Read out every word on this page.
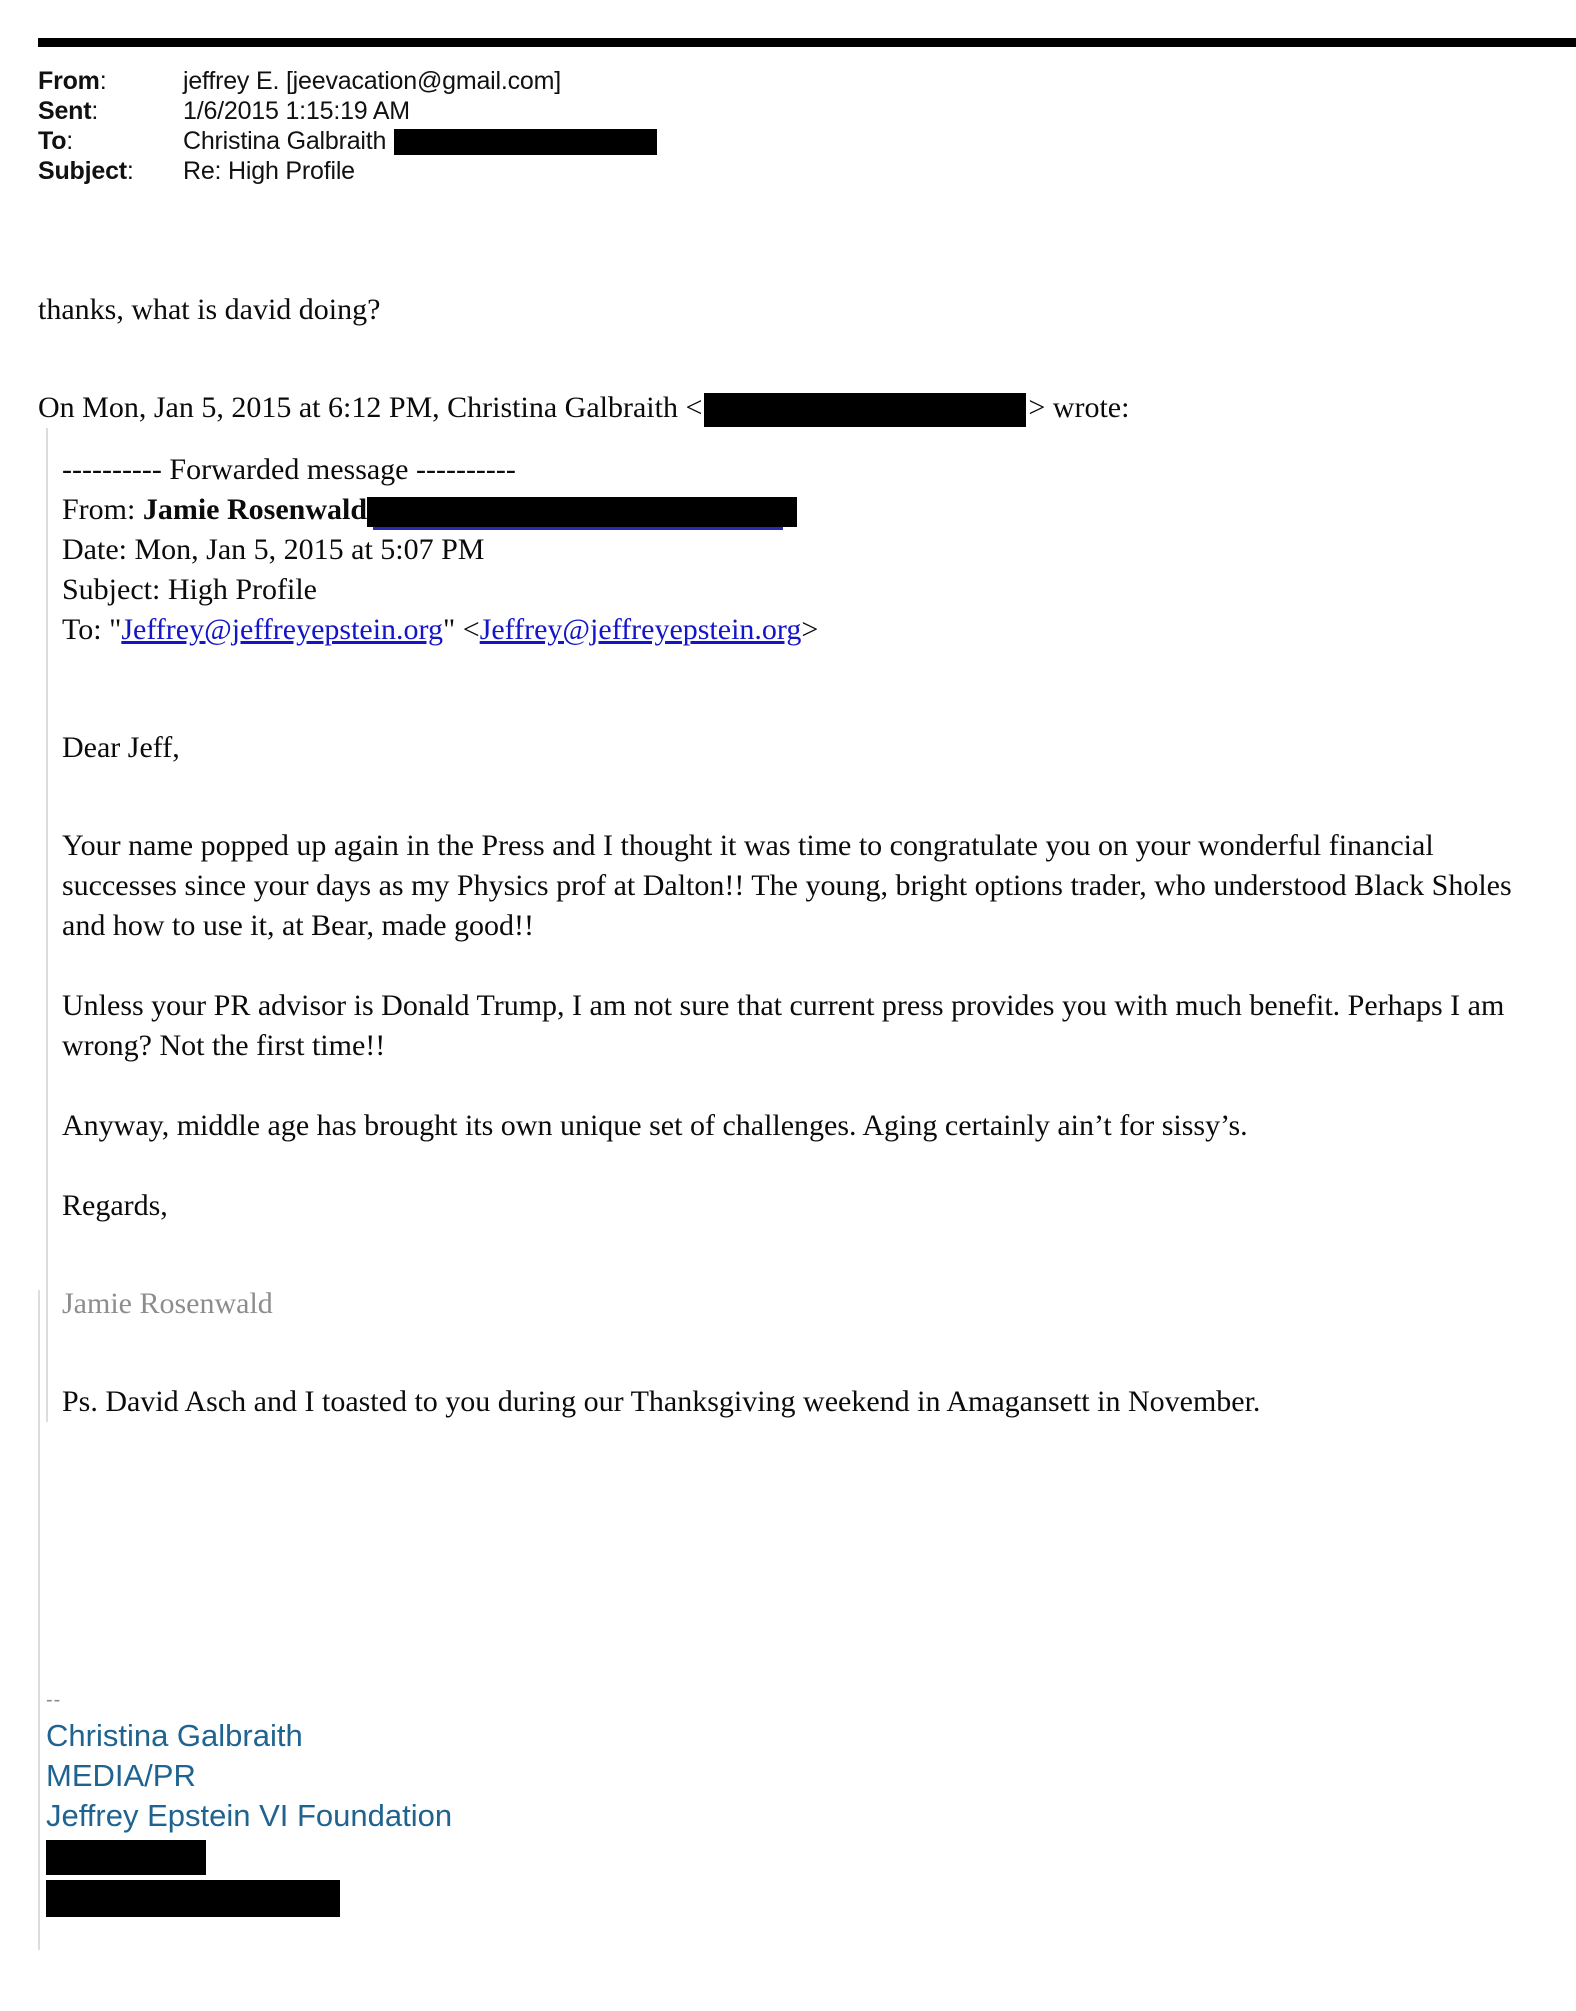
From:	jeffrey E. [jeevacation@gmail.com]
Sent:	1/6/2015 1:15:19 AM
To:	Christina Galbraith
Subject:	Re: High Profile

thanks, what is david doing?

On Mon, Jan 5, 2015 at 6:12 PM, Christina Galbraith <	> wrote:

---------- Forwarded message ----------

From: Jamie Rosenwald

Date: Mon, Jan 5, 2015 at 5:07 PM

Subject: High Profile

To: "Jeffrey@jeffreyepstein.org" <Jeffrey@jeffreyepstein.org>

Dear Jeff,

Your name popped up again in the Press and I thought it was time to congratulate you on your wonderful financial successes since your days as my Physics prof at Dalton!! The young, bright options trader, who understood Black Sholes and how to use it, at Bear, made good!!

Unless your PR advisor is Donald Trump, I am not sure that current press provides you with much benefit. Perhaps I am wrong? Not the first time!!

Anyway, middle age has brought its own unique set of challenges. Aging certainly ain’t for sissy’s.

Regards,

Jamie Rosenwald

Ps. David Asch and I toasted to you during our Thanksgiving weekend in Amagansett in November.

--
Christina Galbraith
MEDIA/PR
Jeffrey Epstein VI Foundation
